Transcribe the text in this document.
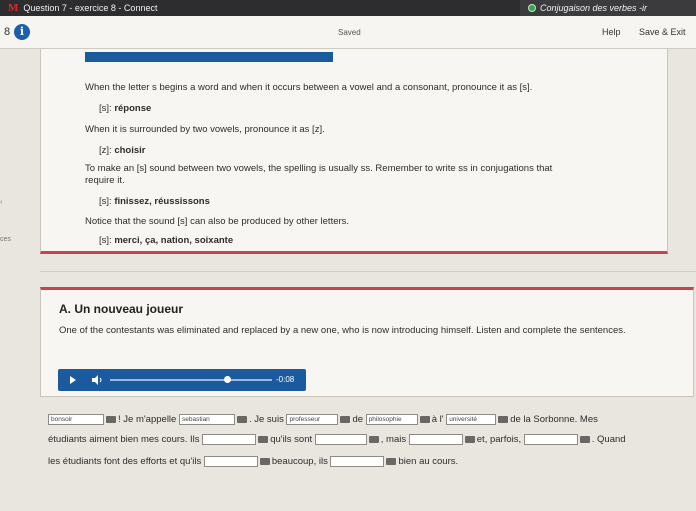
M Question 7 - exercice 8 - Connect	Conjugaison des verbes -ir
8 i	Saved	Help Save & Exit
‹
ces
When the letter s begins a word and when it occurs between a vowel and a consonant, pronounce it as [s].
[s]: réponse
When it is surrounded by two vowels, pronounce it as [z].
[z]: choisir
To make an [s] sound between two vowels, the spelling is usually ss. Remember to write ss in conjugations that
require it.
[s]: finissez, réussissons
Notice that the sound [s] can also be produced by other letters.
[s]: merci, ça, nation, soixante
A. Un nouveau joueur
One of the contestants was eliminated and replaced by a new one, who is now introducing himself. Listen and complete the sentences.
-0:08
bonsoir	! Je m'appelle sebastian	. Je suis professeur	de philosophie	à l' université	de la Sorbonne. Mes
étudiants aiment bien mes cours. Ils	qu'ils sont	, mais	et, parfois,	. Quand
les étudiants font des efforts et qu'ils	beaucoup, ils	bien au cours.
